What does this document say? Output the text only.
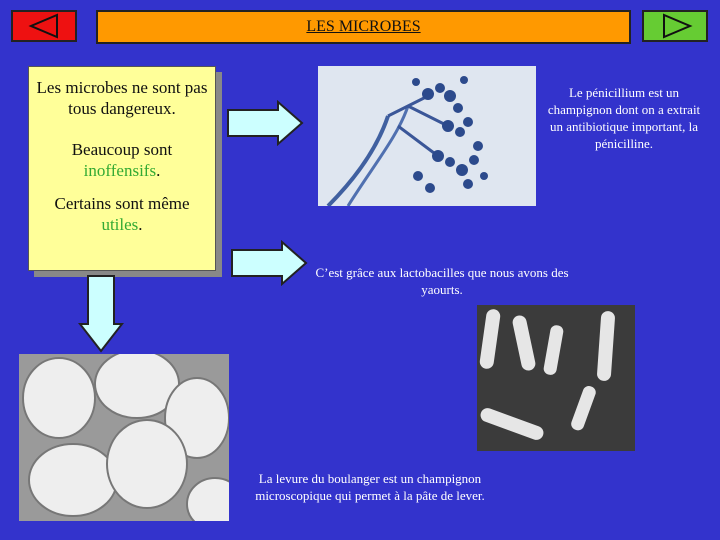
LES MICROBES

Les microbes ne sont pas tous dangereux.

Beaucoup sont
inoffensifs.

Certains sont même
utiles.

Le pénicillium est un champignon dont on a extrait un antibiotique important, la pénicilline.
C’est grâce aux lactobacilles que nous avons des yaourts.
La levure du boulanger est un champignon microscopique qui permet à la pâte de lever.
